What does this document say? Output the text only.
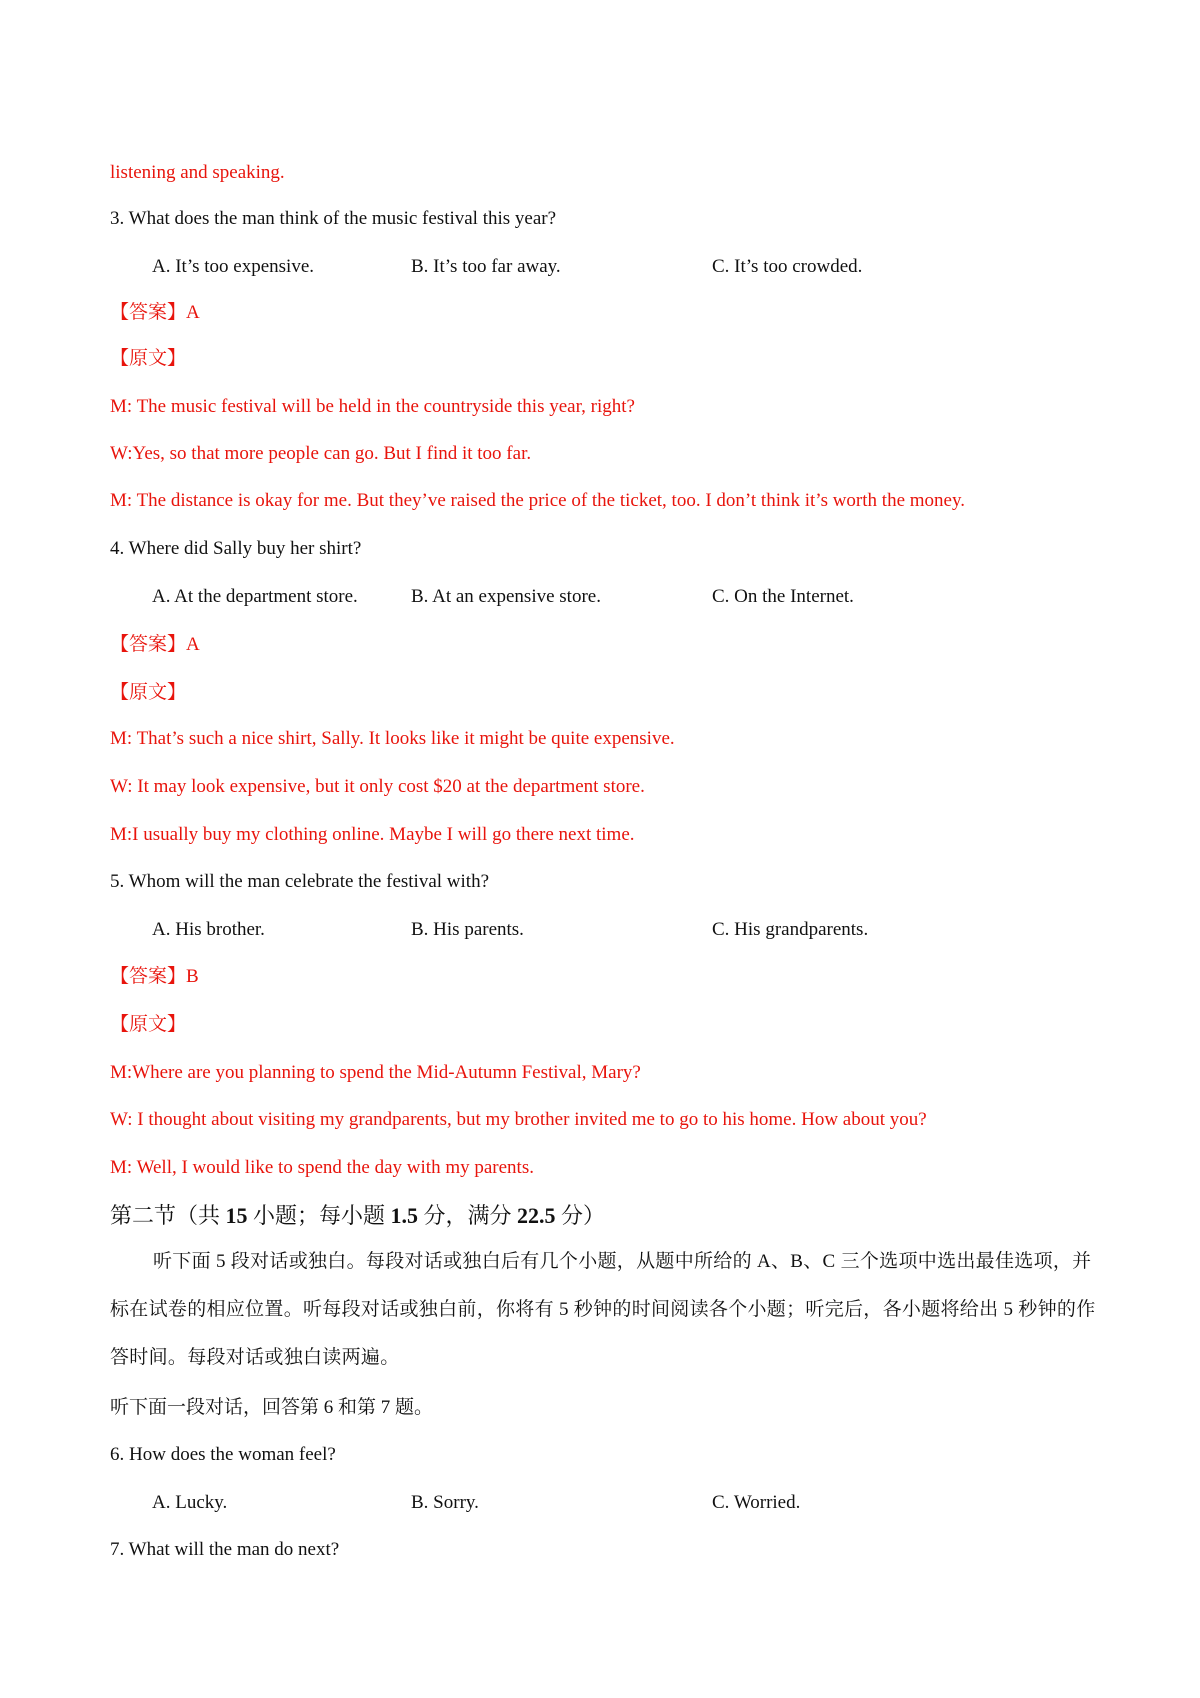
listening and speaking.
3. What does the man think of the music festival this year?
A. It’s too expensive.	B. It’s too far away.	C. It’s too crowded.
【答案】A
【原文】
M: The music festival will be held in the countryside this year, right?
W:Yes, so that more people can go. But I find it too far.
M: The distance is okay for me. But they’ve raised the price of the ticket, too. I don’t think it’s worth the money.
4. Where did Sally buy her shirt?
A. At the department store.	B. At an expensive store.	C. On the Internet.
【答案】A
【原文】
M: That’s such a nice shirt, Sally. It looks like it might be quite expensive.
W: It may look expensive, but it only cost $20 at the department store.
M:I usually buy my clothing online. Maybe I will go there next time.
5. Whom will the man celebrate the festival with?
A. His brother.	B. His parents.	C. His grandparents.
【答案】B
【原文】
M:Where are you planning to spend the Mid-Autumn Festival, Mary?
W: I thought about visiting my grandparents, but my brother invited me to go to his home. How about you?
M: Well, I would like to spend the day with my parents.
第二节（共 15 小题；每小题 1.5 分，满分 22.5 分）
听下面 5 段对话或独白。每段对话或独白后有几个小题，从题中所给的 A、B、C 三个选项中选出最佳选项，并标在试卷的相应位置。听每段对话或独白前，你将有 5 秒钟的时间阅读各个小题；听完后，各小题将给出 5 秒钟的作答时间。每段对话或独白读两遍。
听下面一段对话，回答第 6 和第 7 题。
6. How does the woman feel?
A. Lucky.	B. Sorry.	C. Worried.
7. What will the man do next?
